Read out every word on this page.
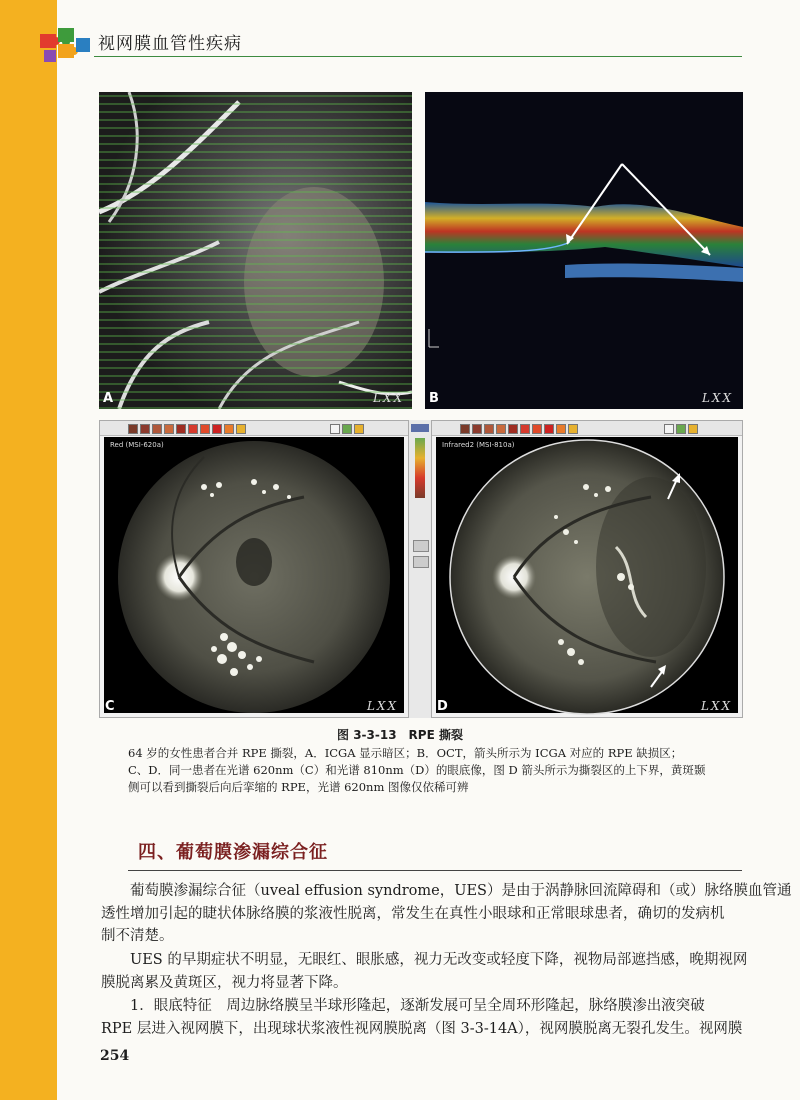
视网膜血管性疾病
A	LXX B	LXX
Red (MSI-620a)
C	LXX
Infrared2 (MSI-810a)
D	LXX
图 3-3-13　RPE 撕裂
64 岁的女性患者合并 RPE 撕裂，A．ICGA 显示暗区；B．OCT，箭头所示为 ICGA 对应的 RPE 缺损区；
C、D．同一患者在光谱 620nm（C）和光谱 810nm（D）的眼底像，图 D 箭头所示为撕裂区的上下界，黄斑颞
侧可以看到撕裂后向后挛缩的 RPE，光谱 620nm 图像仅依稀可辨
四、葡萄膜渗漏综合征
　　葡萄膜渗漏综合征（uveal effusion syndrome，UES）是由于涡静脉回流障碍和（或）脉络膜血管通
透性增加引起的睫状体脉络膜的浆液性脱离，常发生在真性小眼球和正常眼球患者，确切的发病机
制不清楚。
　　UES 的早期症状不明显，无眼红、眼胀感，视力无改变或轻度下降，视物局部遮挡感，晚期视网
膜脱离累及黄斑区，视力将显著下降。
　　1．眼底特征　周边脉络膜呈半球形隆起，逐渐发展可呈全周环形隆起，脉络膜渗出液突破
RPE 层进入视网膜下，出现球状浆液性视网膜脱离（图 3-3-14A），视网膜脱离无裂孔发生。视网膜
254
